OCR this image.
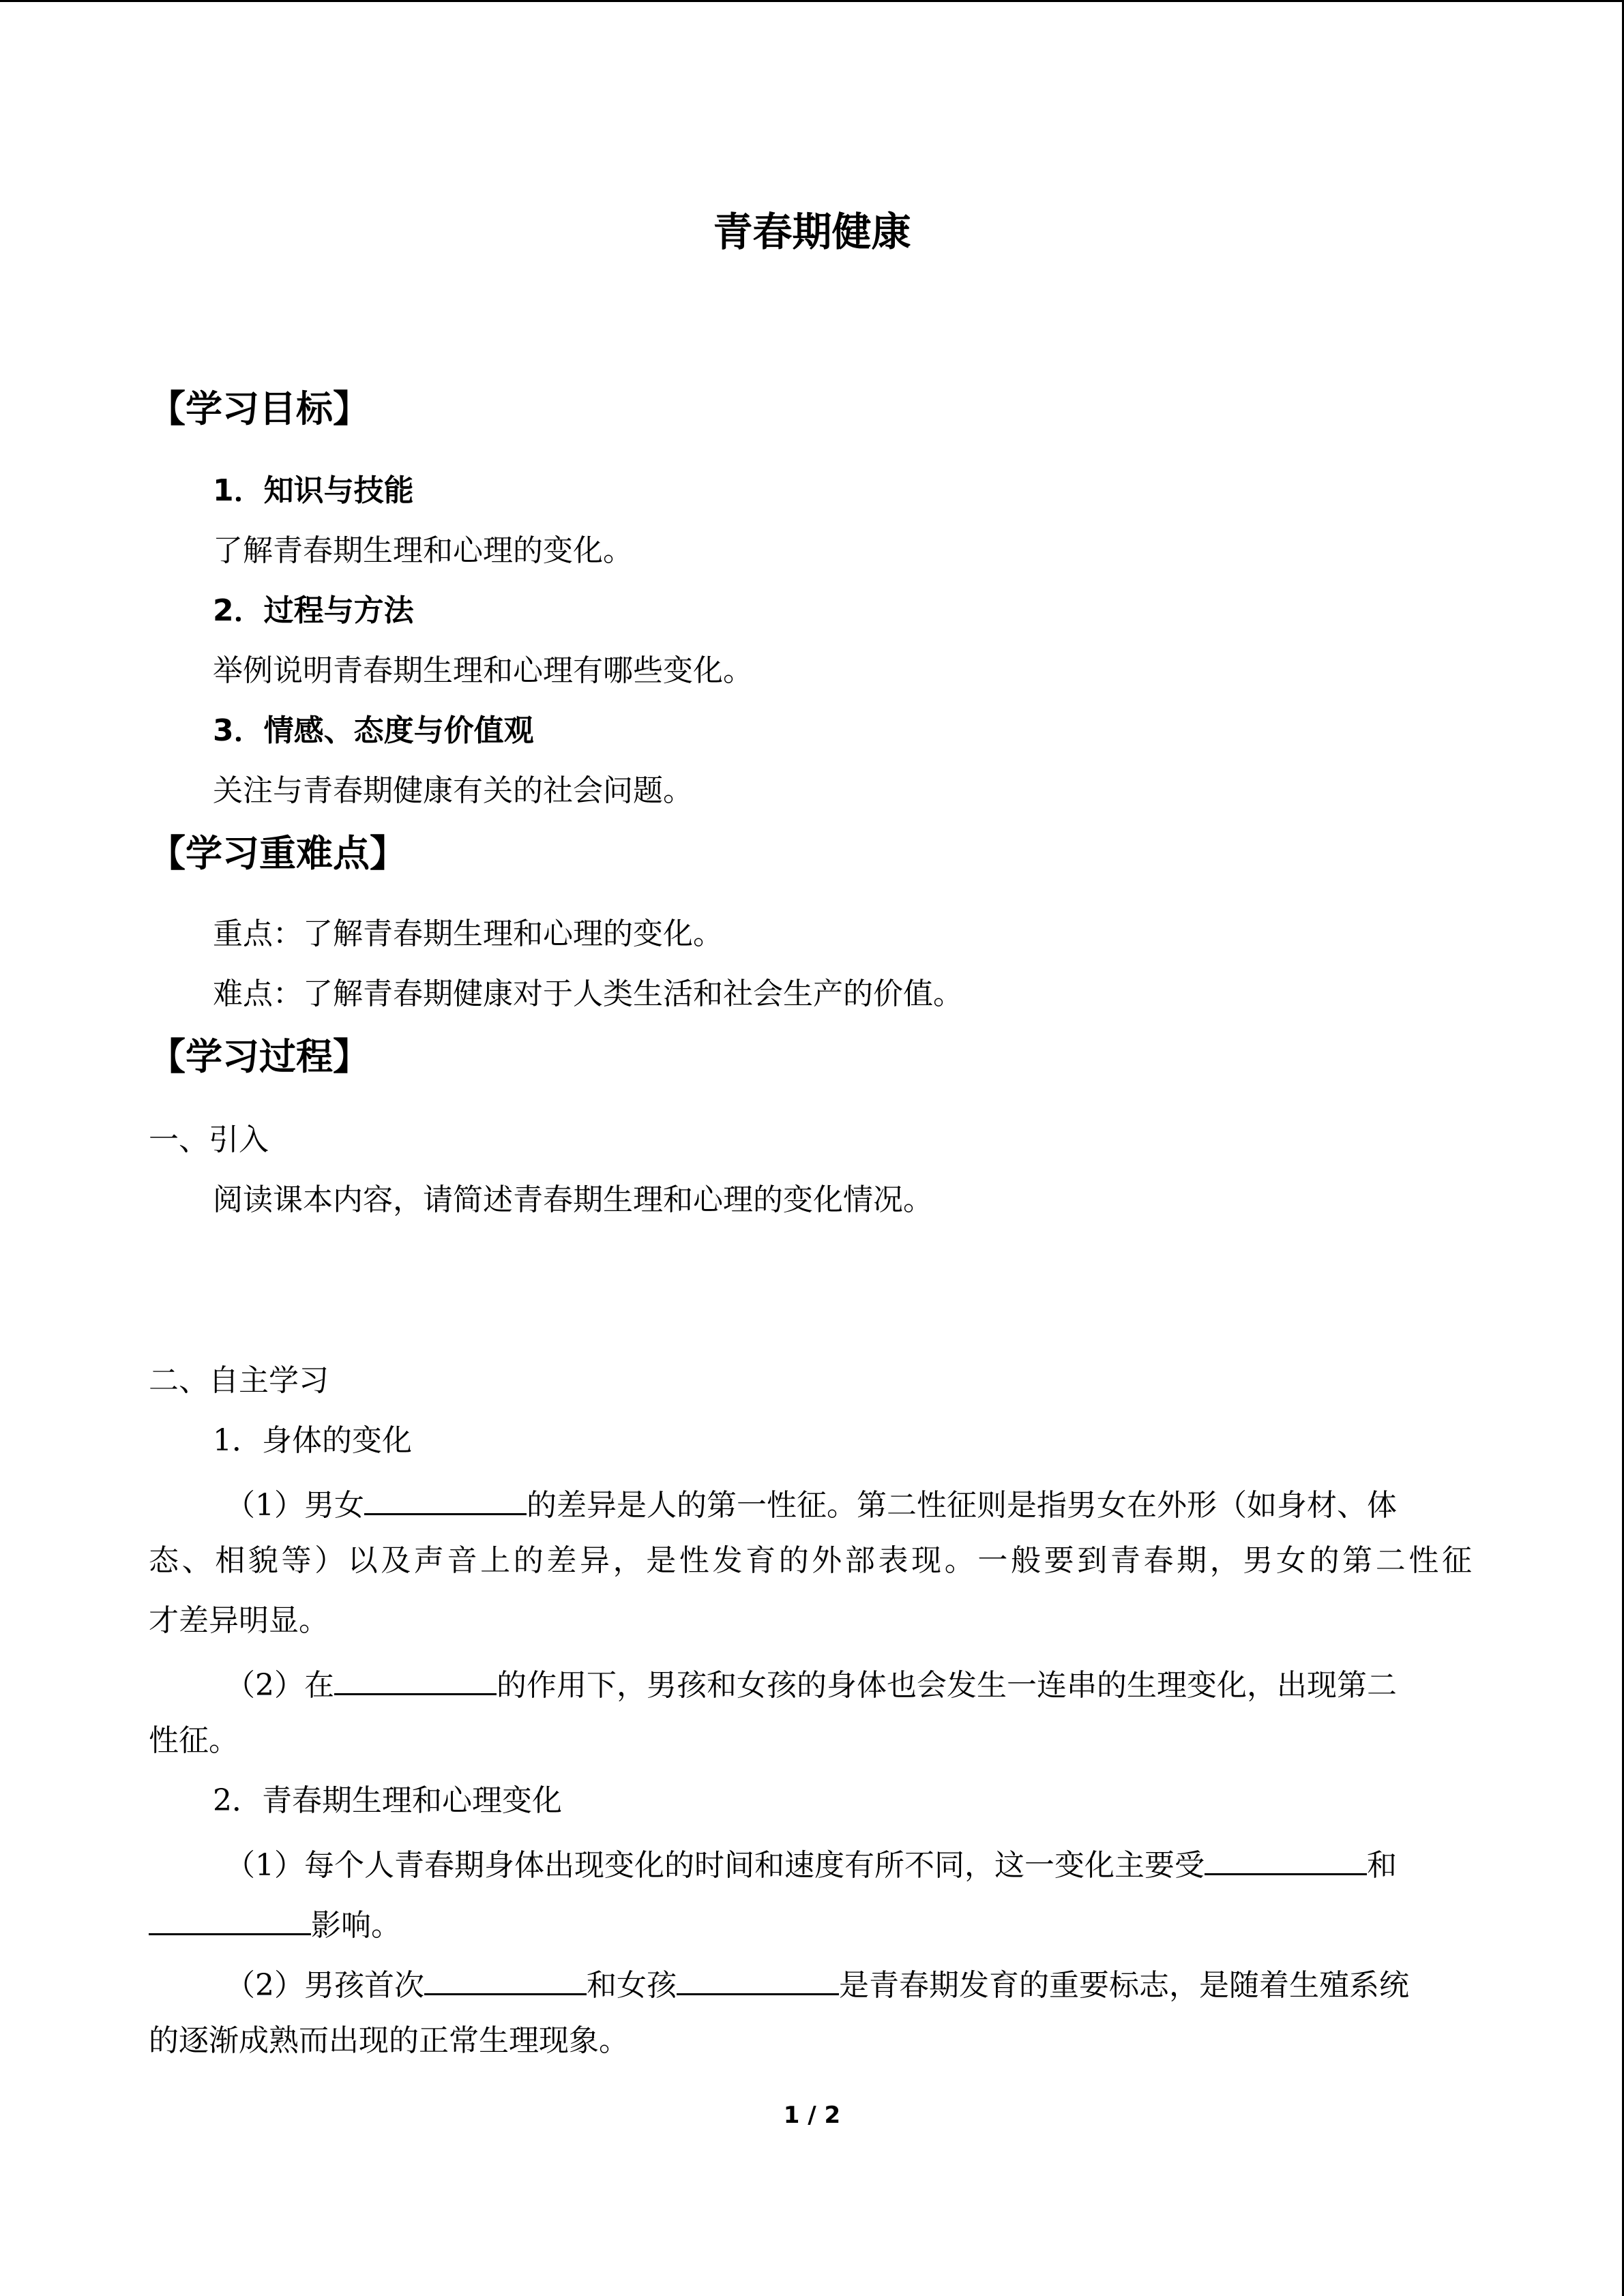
青春期健康
【学习目标】
1．知识与技能
了解青春期生理和心理的变化。
2．过程与方法
举例说明青春期生理和心理有哪些变化。
3．情感、态度与价值观
关注与青春期健康有关的社会问题。
【学习重难点】
重点：了解青春期生理和心理的变化。
难点：了解青春期健康对于人类生活和社会生产的价值。
【学习过程】
一、引入
阅读课本内容，请简述青春期生理和心理的变化情况。
二、自主学习
1．身体的变化
（1）男女	的差异是人的第一性征。第二性征则是指男女在外形（如身材、体
态、相貌等）以及声音上的差异，是性发育的外部表现。一般要到青春期，男女的第二性征
才差异明显。
（2）在	的作用下，男孩和女孩的身体也会发生一连串的生理变化，出现第二
性征。
2．青春期生理和心理变化
（1）每个人青春期身体出现变化的时间和速度有所不同，这一变化主要受	和
影响。
（2）男孩首次	和女孩	是青春期发育的重要标志，是随着生殖系统
的逐渐成熟而出现的正常生理现象。
1 / 2
